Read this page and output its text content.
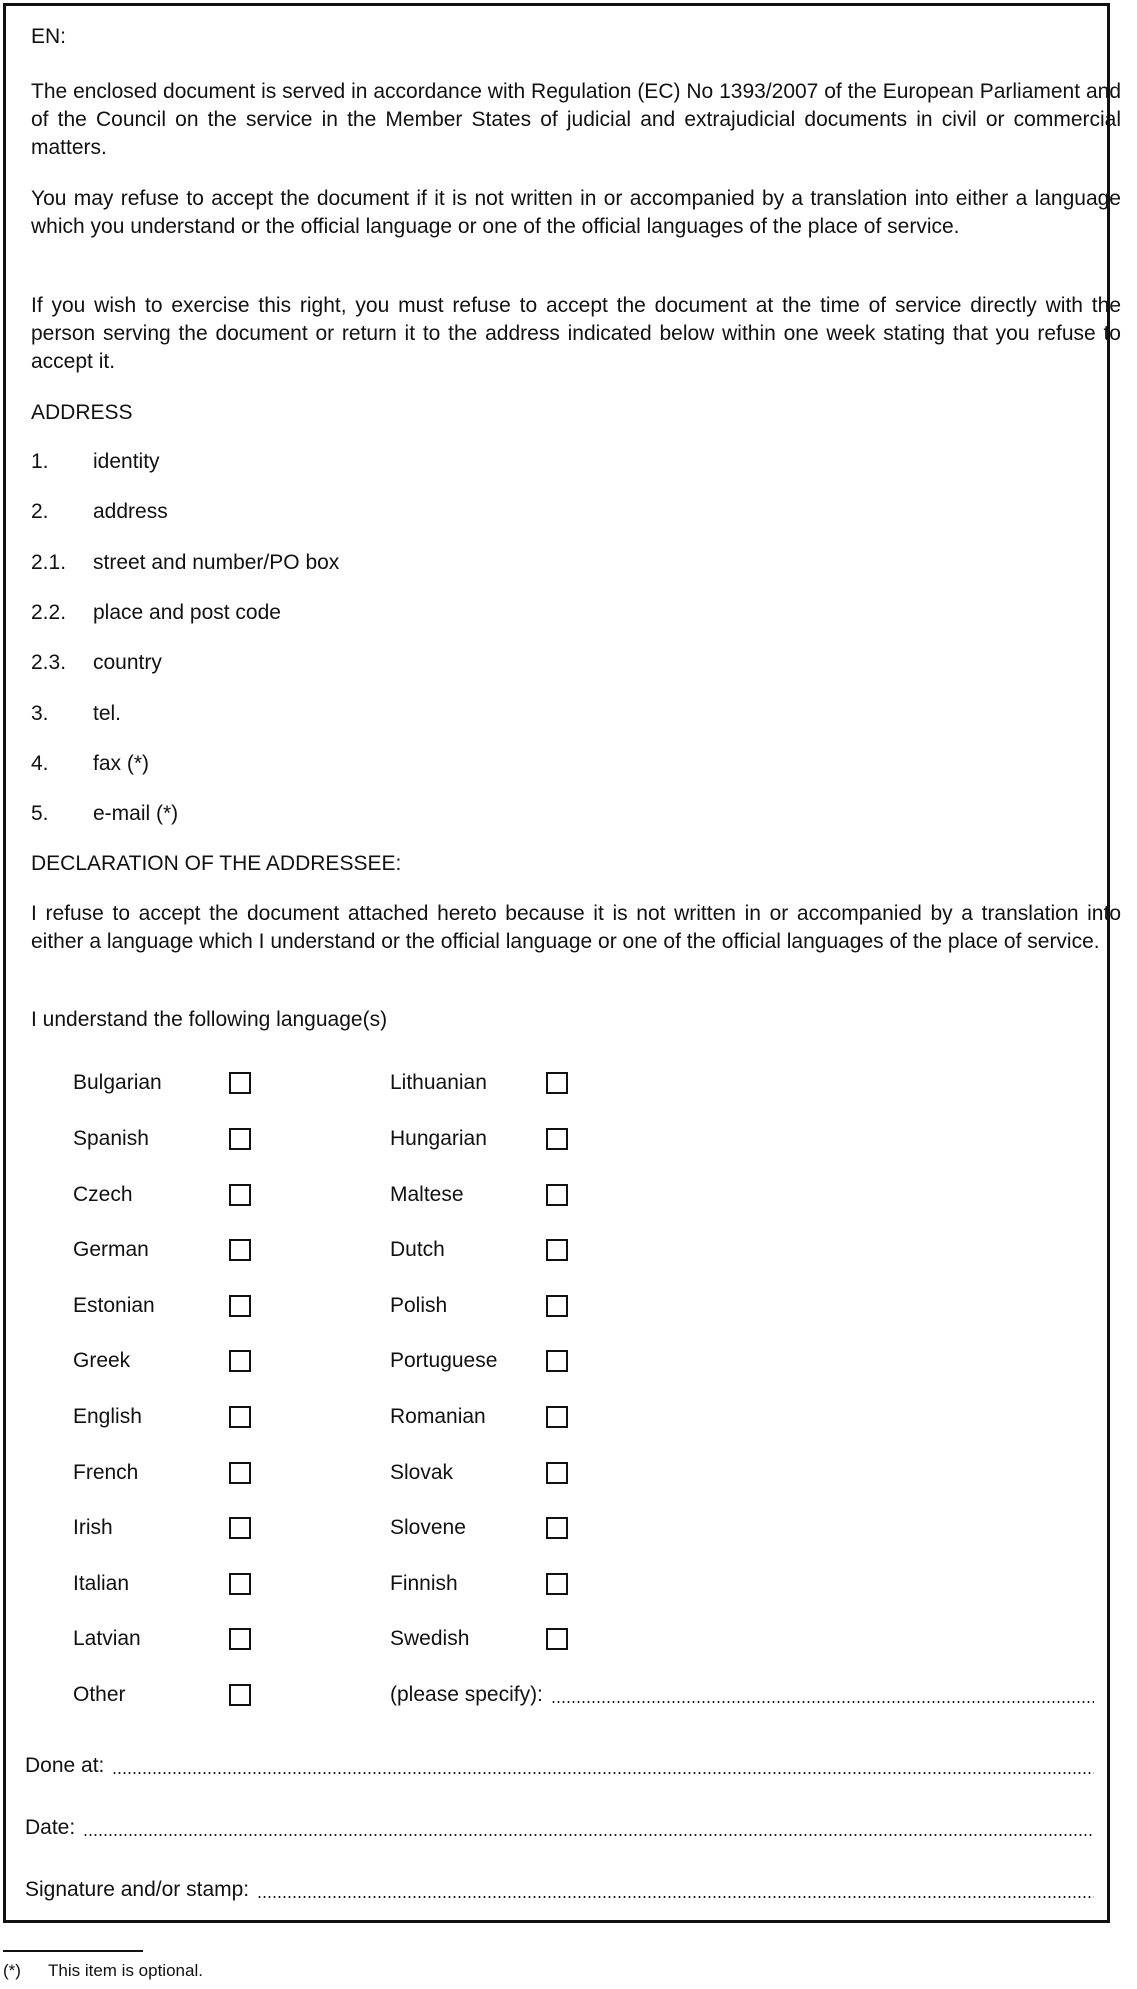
EN:
The enclosed document is served in accordance with Regulation (EC) No 1393/2007 of the European Parliament and of the Council on the service in the Member States of judicial and extrajudicial documents in civil or commercial matters.
You may refuse to accept the document if it is not written in or accompanied by a translation into either a language which you understand or the official language or one of the official languages of the place of service.
If you wish to exercise this right, you must refuse to accept the document at the time of service directly with the person serving the document or return it to the address indicated below within one week stating that you refuse to accept it.
ADDRESS
1. identity
2. address
2.1. street and number/PO box
2.2. place and post code
2.3. country
3. tel.
4. fax (*)
5. e-mail (*)
DECLARATION OF THE ADDRESSEE:
I refuse to accept the document attached hereto because it is not written in or accompanied by a translation into either a language which I understand or the official language or one of the official languages of the place of service.
I understand the following language(s)
Bulgarian
Spanish
Czech
German
Estonian
Greek
English
French
Irish
Italian
Latvian
Other
Lithuanian
Hungarian
Maltese
Dutch
Polish
Portuguese
Romanian
Slovak
Slovene
Finnish
Swedish
(please specify):
Done at:
Date:
Signature and/or stamp:
(*) This item is optional.
